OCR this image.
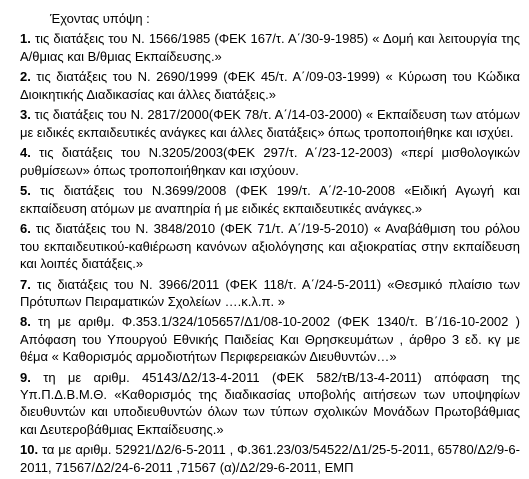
Έχοντας υπόψη :

1. τις διατάξεις του Ν. 1566/1985 (ΦΕΚ 167/τ. Α΄/30-9-1985) « Δομή και λειτουργία της Α/θμιας και Β/θμιας Εκπαίδευσης.»

2. τις διατάξεις του Ν. 2690/1999 (ΦΕΚ 45/τ. Α΄/09-03-1999) « Κύρωση του Κώδικα Διοικητικής Διαδικασίας και άλλες διατάξεις.»

3. τις διατάξεις του Ν. 2817/2000(ΦΕΚ 78/τ. Α΄/14-03-2000) « Εκπαίδευση των ατόμων με ειδικές εκπαιδευτικές ανάγκες και άλλες διατάξεις» όπως τροποποιήθηκε και ισχύει.

4. τις διατάξεις του Ν.3205/2003(ΦΕΚ 297/τ. Α΄/23-12-2003) «περί μισθολογικών ρυθμίσεων» όπως τροποποιήθηκαν και ισχύουν.

5. τις διατάξεις του Ν.3699/2008 (ΦΕΚ 199/τ. Α΄/2-10-2008 «Ειδική Αγωγή και εκπαίδευση ατόμων με αναπηρία ή με ειδικές εκπαιδευτικές ανάγκες.»

6. τις διατάξεις του Ν. 3848/2010 (ΦΕΚ 71/τ. Α΄/19-5-2010) « Αναβάθμιση του ρόλου του εκπαιδευτικού-καθιέρωση κανόνων αξιολόγησης και αξιοκρατίας στην εκπαίδευση και λοιπές διατάξεις.»

7. τις διατάξεις του Ν. 3966/2011 (ΦΕΚ 118/τ. Α΄/24-5-2011) «Θεσμικό πλαίσιο των Πρότυπων Πειραματικών Σχολείων ….κ.λ.π. »

8. τη με αριθμ. Φ.353.1/324/105657/Δ1/08-10-2002 (ΦΕΚ 1340/τ. Β΄/16-10-2002 ) Απόφαση του Υπουργού Εθνικής Παιδείας Και Θρησκευμάτων , άρθρο 3 εδ. κγ με θέμα « Καθορισμός αρμοδιοτήτων Περιφερειακών Διευθυντών…»

9. τη με αριθμ. 45143/Δ2/13-4-2011 (ΦΕΚ 582/τΒ/13-4-2011) απόφαση της Υπ.Π.Δ.Β.Μ.Θ. «Καθορισμός της διαδικασίας υποβολής αιτήσεων των υποψηφίων διευθυντών και υποδιευθυντών όλων των τύπων σχολικών Μονάδων Πρωτοβάθμιας και Δευτεροβάθμιας Εκπαίδευσης.»

10. τα με αριθμ. 52921/Δ2/6-5-2011 , Φ.361.23/03/54522/Δ1/25-5-2011, 65780/Δ2/9-6-2011, 71567/Δ2/24-6-2011 ,71567 (α)/Δ2/29-6-2011, ΕΜΠ
